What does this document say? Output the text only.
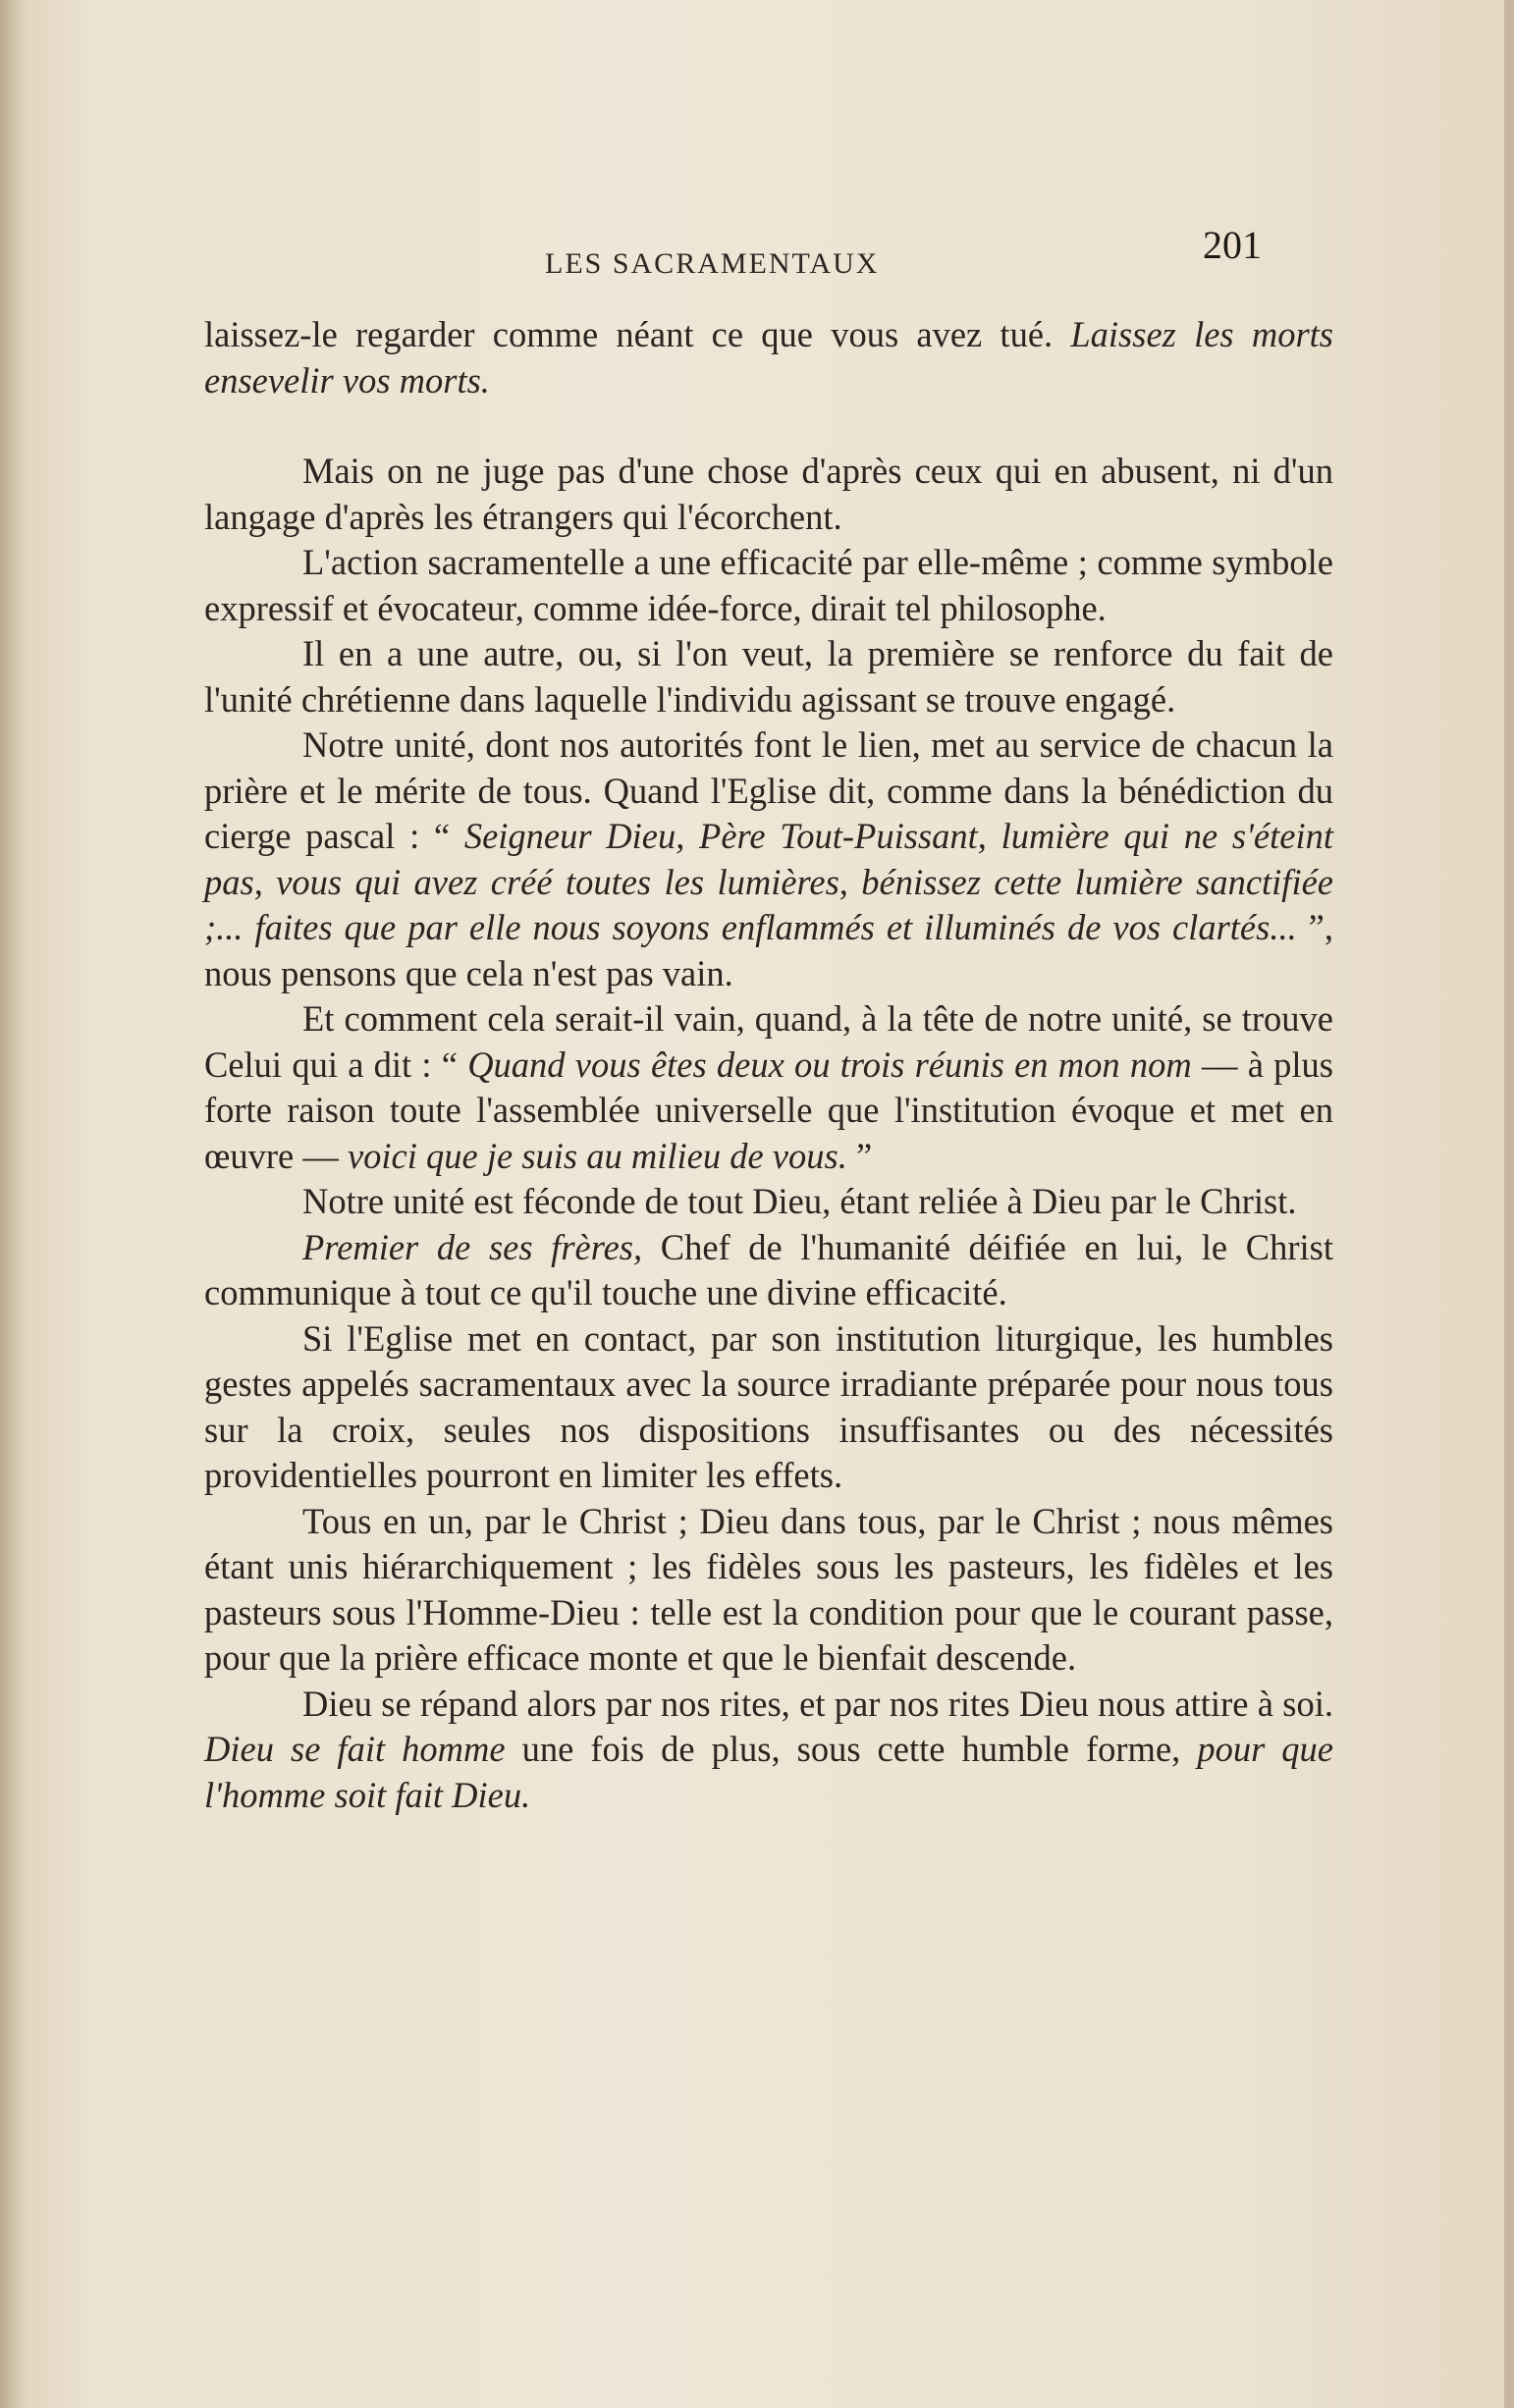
LES SACRAMENTAUX	201

laissez-le regarder comme néant ce que vous avez tué. Laissez les morts ensevelir vos morts.

Mais on ne juge pas d'une chose d'après ceux qui en abusent, ni d'un langage d'après les étrangers qui l'écorchent.

L'action sacramentelle a une efficacité par elle-même ; comme symbole expressif et évocateur, comme idée-force, dirait tel philosophe.

Il en a une autre, ou, si l'on veut, la première se renforce du fait de l'unité chrétienne dans laquelle l'individu agissant se trouve engagé.

Notre unité, dont nos autorités font le lien, met au service de chacun la prière et le mérite de tous. Quand l'Eglise dit, comme dans la bénédiction du cierge pascal : “ Seigneur Dieu, Père Tout-Puissant, lumière qui ne s'éteint pas, vous qui avez créé toutes les lumières, bénissez cette lumière sanctifiée ;... faites que par elle nous soyons enflammés et illuminés de vos clartés... ”, nous pensons que cela n'est pas vain.

Et comment cela serait-il vain, quand, à la tête de notre unité, se trouve Celui qui a dit : “ Quand vous êtes deux ou trois réunis en mon nom — à plus forte raison toute l'assemblée universelle que l'institution évoque et met en œuvre — voici que je suis au milieu de vous. ”

Notre unité est féconde de tout Dieu, étant reliée à Dieu par le Christ.

Premier de ses frères, Chef de l'humanité déifiée en lui, le Christ communique à tout ce qu'il touche une divine efficacité.

Si l'Eglise met en contact, par son institution liturgique, les humbles gestes appelés sacramentaux avec la source irradiante préparée pour nous tous sur la croix, seules nos dispositions insuffisantes ou des nécessités providentielles pourront en limiter les effets.

Tous en un, par le Christ ; Dieu dans tous, par le Christ ; nous mêmes étant unis hiérarchiquement ; les fidèles sous les pasteurs, les fidèles et les pasteurs sous l'Homme-Dieu : telle est la condition pour que le courant passe, pour que la prière efficace monte et que le bienfait descende.

Dieu se répand alors par nos rites, et par nos rites Dieu nous attire à soi. Dieu se fait homme une fois de plus, sous cette humble forme, pour que l'homme soit fait Dieu.
